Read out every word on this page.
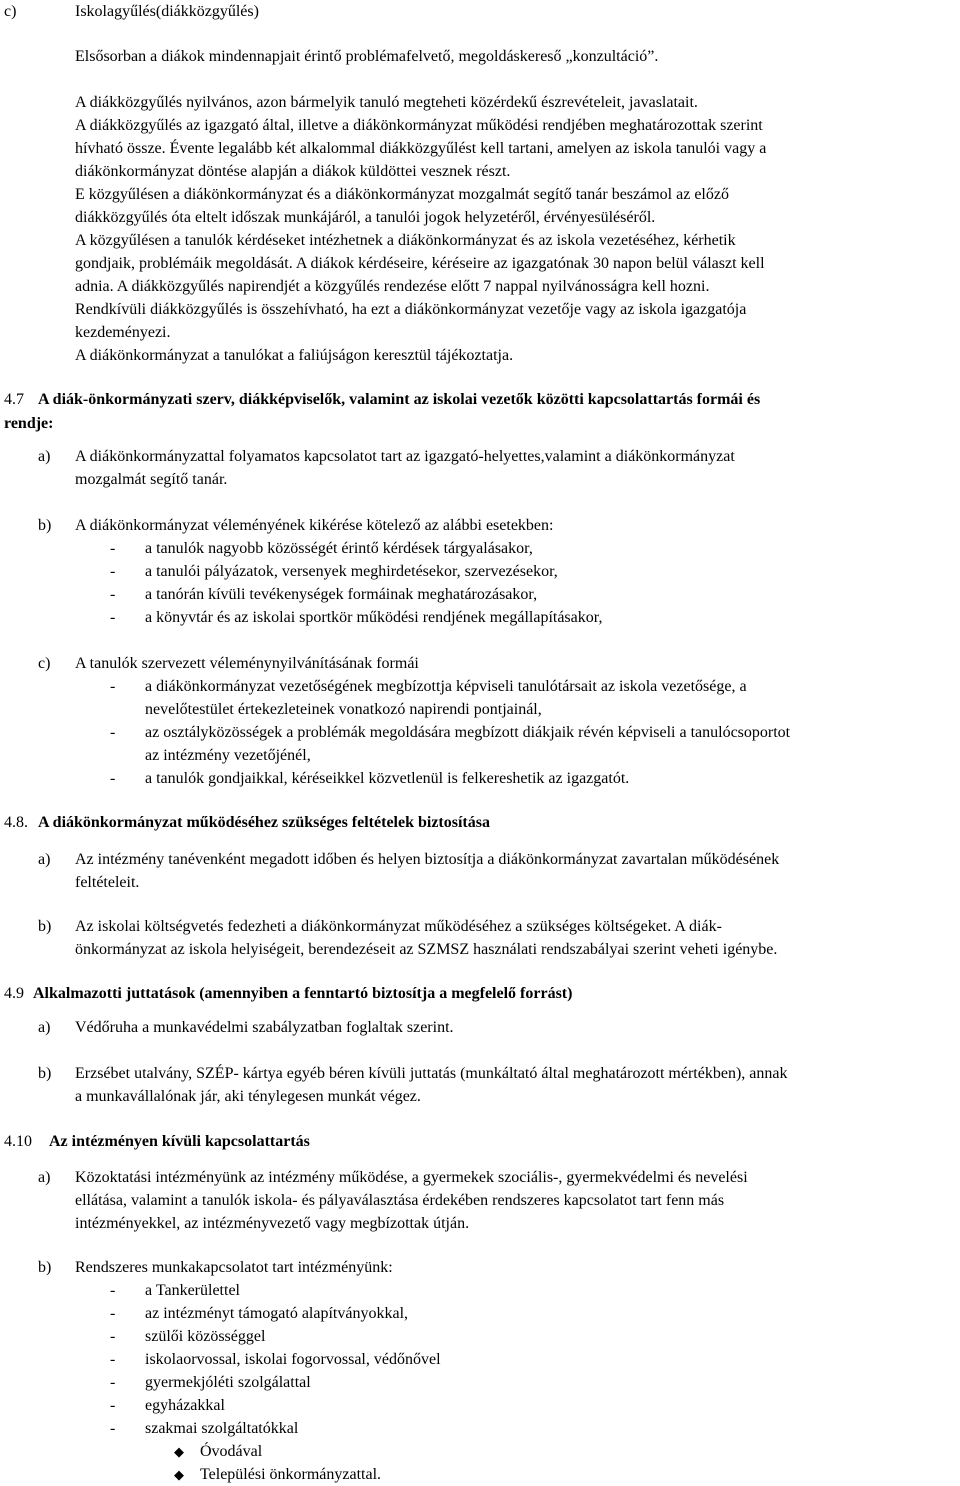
c)	Iskolagyűlés(diákközgyűlés)
Elsősorban a diákok mindennapjait érintő problémafelvető, megoldáskereső „konzultáció”.
A diákközgyűlés nyilvános, azon bármelyik tanuló megteheti közérdekű észrevételeit, javaslatait.
A diákközgyűlés az igazgató által, illetve a diákönkormányzat működési rendjében meghatározottak szerint
hívható össze. Évente legalább két alkalommal diákközgyűlést kell tartani, amelyen az iskola tanulói vagy a
diákönkormányzat döntése alapján a diákok küldöttei vesznek részt.
E közgyűlésen a diákönkormányzat és a diákönkormányzat mozgalmát segítő tanár beszámol az előző
diákközgyűlés óta eltelt időszak munkájáról, a tanulói jogok helyzetéről, érvényesüléséről.
A közgyűlésen a tanulók kérdéseket intézhetnek a diákönkormányzat és az iskola vezetéséhez, kérhetik
gondjaik, problémáik megoldását. A diákok kérdéseire, kéréseire az igazgatónak 30 napon belül választ kell
adnia. A diákközgyűlés napirendjét a közgyűlés rendezése előtt 7 nappal nyilvánosságra kell hozni.
Rendkívüli diákközgyűlés is összehívható, ha ezt a diákönkormányzat vezetője vagy az iskola igazgatója
kezdeményezi.
A diákönkormányzat a tanulókat a faliújságon keresztül tájékoztatja.
4.7 A diák-önkormányzati szerv, diákképviselők, valamint az iskolai vezetők közötti kapcsolattartás formái és
rendje:
a) A diákönkormányzattal folyamatos kapcsolatot tart az igazgató-helyettes,valamint a diákönkormányzat
mozgalmát segítő tanár.
b) A diákönkormányzat véleményének kikérése kötelező az alábbi esetekben:
- a tanulók nagyobb közösségét érintő kérdések tárgyalásakor,
- a tanulói pályázatok, versenyek meghirdetésekor, szervezésekor,
- a tanórán kívüli tevékenységek formáinak meghatározásakor,
- a könyvtár és az iskolai sportkör működési rendjének megállapításakor,
c) A tanulók szervezett véleménynyilvánításának formái
- a diákönkormányzat vezetőségének megbízottja képviseli tanulótársait az iskola vezetősége, a
nevelőtestület értekezleteinek vonatkozó napirendi pontjainál,
- az osztályközösségek a problémák megoldására megbízott diákjaik révén képviseli a tanulócsoportot
az intézmény vezetőjénél,
- a tanulók gondjaikkal, kéréseikkel közvetlenül is felkereshetik az igazgatót.
4.8. A diákönkormányzat működéséhez szükséges feltételek biztosítása
a) Az intézmény tanévenként megadott időben és helyen biztosítja a diákönkormányzat zavartalan működésének
feltételeit.
b) Az iskolai költségvetés fedezheti a diákönkormányzat működéséhez a szükséges költségeket. A diák-
önkormányzat az iskola helyiségeit, berendezéseit az SZMSZ használati rendszabályai szerint veheti igénybe.
4.9 Alkalmazotti juttatások (amennyiben a fenntartó biztosítja a megfelelő forrást)
a) Védőruha a munkavédelmi szabályzatban foglaltak szerint.
b) Erzsébet utalvány, SZÉP- kártya egyéb béren kívüli juttatás (munkáltató által meghatározott mértékben), annak
a munkavállalónak jár, aki ténylegesen munkát végez.
4.10 Az intézményen kívüli kapcsolattartás
a) Közoktatási intézményünk az intézmény működése, a gyermekek szociális-, gyermekvédelmi és nevelési
ellátása, valamint a tanulók iskola- és pályaválasztása érdekében rendszeres kapcsolatot tart fenn más
intézményekkel, az intézményvezető vagy megbízottak útján.
b) Rendszeres munkakapcsolatot tart intézményünk:
- a Tankerülettel
- az intézményt támogató alapítványokkal,
- szülői közösséggel
- iskolaorvossal, iskolai fogorvossal, védőnővel
- gyermekjóléti szolgálattal
- egyházakkal
- szakmai szolgáltatókkal
◆ Óvodával
◆ Települési önkormányzattal.
